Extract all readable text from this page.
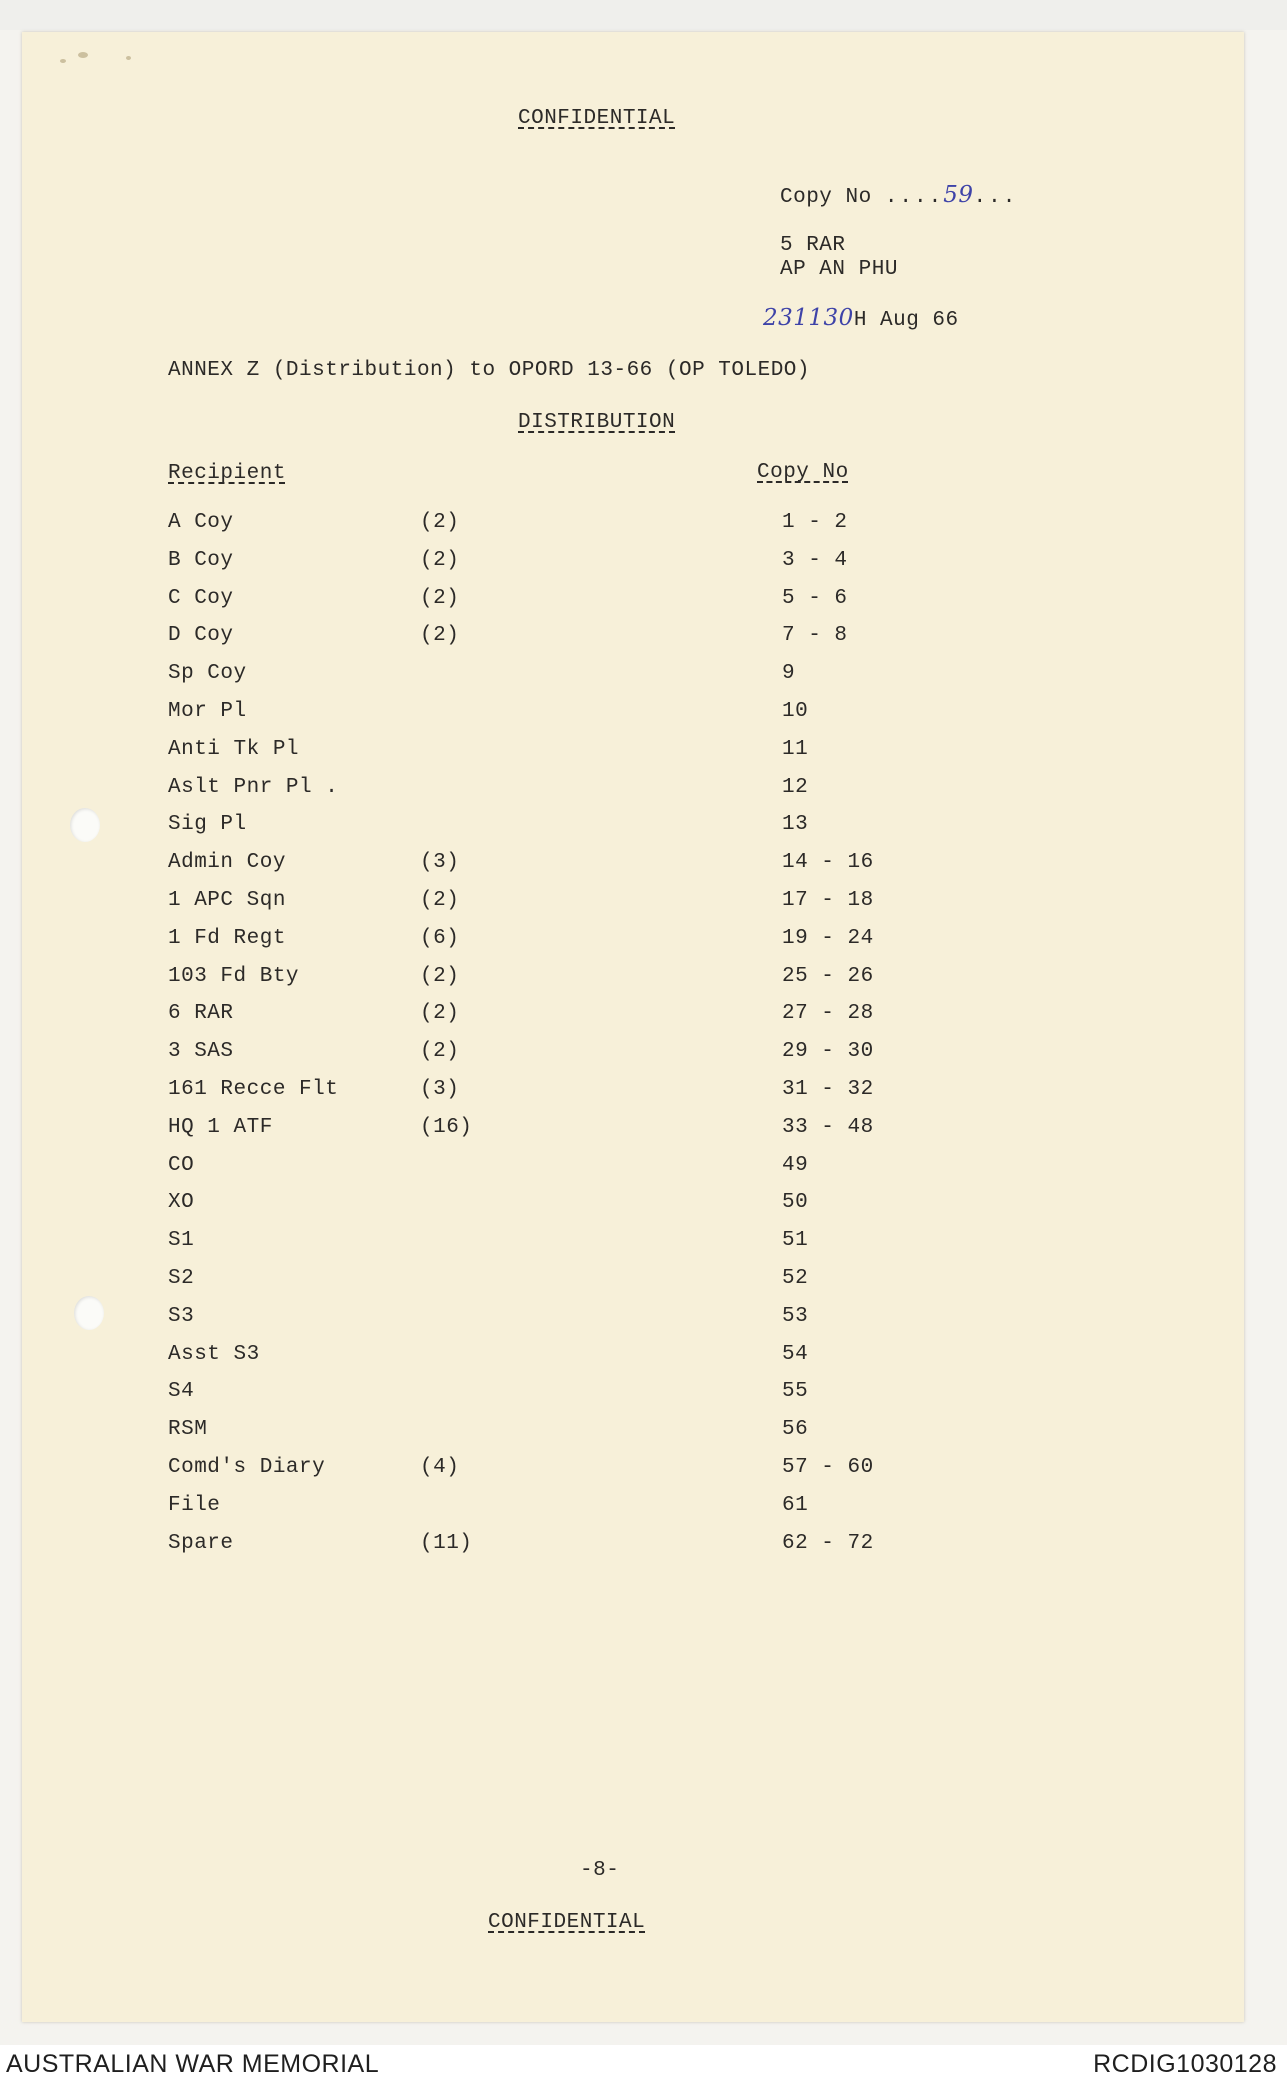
CONFIDENTIAL
Copy No ....59...
5 RAR
AP AN PHU
231130H Aug 66
ANNEX Z (Distribution) to OPORD 13-66 (OP TOLEDO)
DISTRIBUTION
Recipient	Copy No
A Coy	(2)	1 - 2
B Coy	(2)	3 - 4
C Coy	(2)	5 - 6
D Coy	(2)	7 - 8
Sp Coy	9
Mor Pl	10
Anti Tk Pl	11
Aslt Pnr Pl .	12
Sig Pl	13
Admin Coy	(3)	14 - 16
1 APC Sqn	(2)	17 - 18
1 Fd Regt	(6)	19 - 24
103 Fd Bty	(2)	25 - 26
6 RAR	(2)	27 - 28
3 SAS	(2)	29 - 30
161 Recce Flt	(3)	31 - 32
HQ 1 ATF	(16)	33 - 48
CO	49
XO	50
S1	51
S2	52
S3	53
Asst S3	54
S4	55
RSM	56
Comd's Diary	(4)	57 - 60
File	61
Spare	(11)	62 - 72
-8-
CONFIDENTIAL
AUSTRALIAN WAR MEMORIAL	RCDIG1030128
